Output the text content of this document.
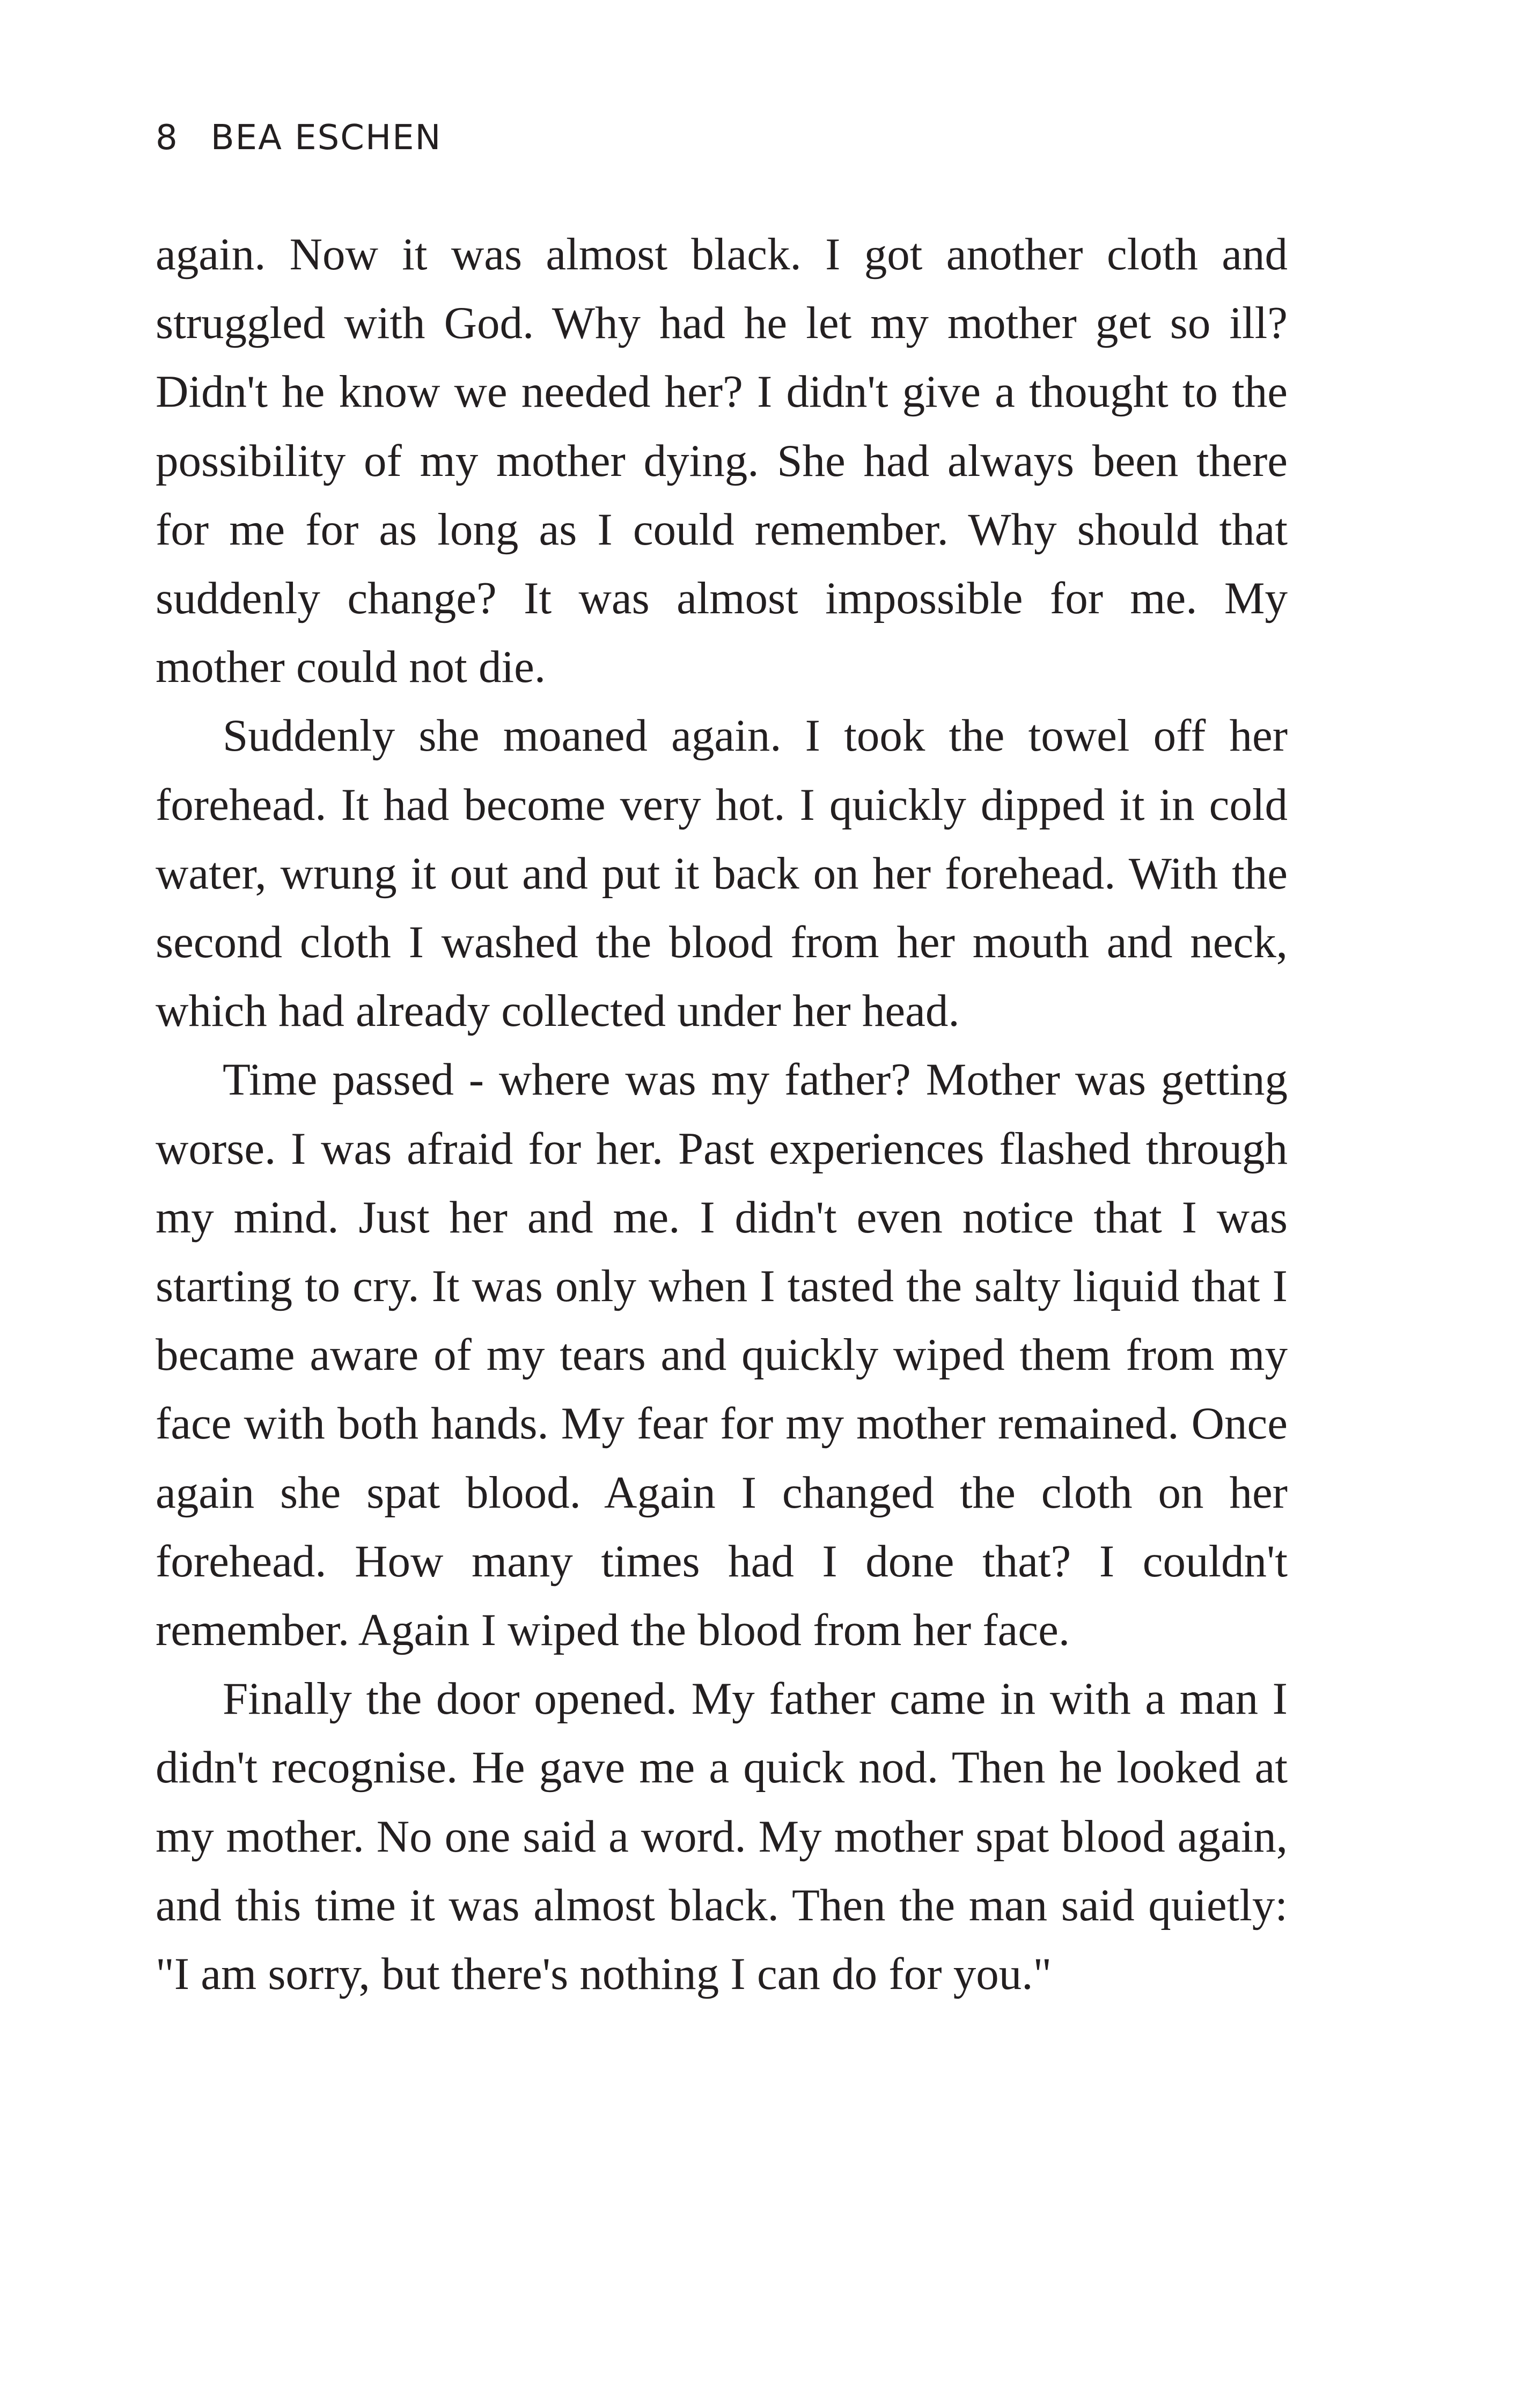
8 BEA ESCHEN

again. Now it was almost black. I got another cloth and struggled with God. Why had he let my mother get so ill? Didn't he know we needed her? I didn't give a thought to the possibility of my mother dying. She had always been there for me for as long as I could remember. Why should that suddenly change? It was almost impossible for me. My mother could not die.

Suddenly she moaned again. I took the towel off her forehead. It had become very hot. I quickly dipped it in cold water, wrung it out and put it back on her forehead. With the second cloth I washed the blood from her mouth and neck, which had already collected under her head.

Time passed - where was my father? Mother was getting worse. I was afraid for her. Past experiences flashed through my mind. Just her and me. I didn't even notice that I was starting to cry. It was only when I tasted the salty liquid that I became aware of my tears and quickly wiped them from my face with both hands. My fear for my mother remained. Once again she spat blood. Again I changed the cloth on her forehead. How many times had I done that? I couldn't remember. Again I wiped the blood from her face.

Finally the door opened. My father came in with a man I didn't recognise. He gave me a quick nod. Then he looked at my mother. No one said a word. My mother spat blood again, and this time it was almost black. Then the man said quietly: "I am sorry, but there's nothing I can do for you."
